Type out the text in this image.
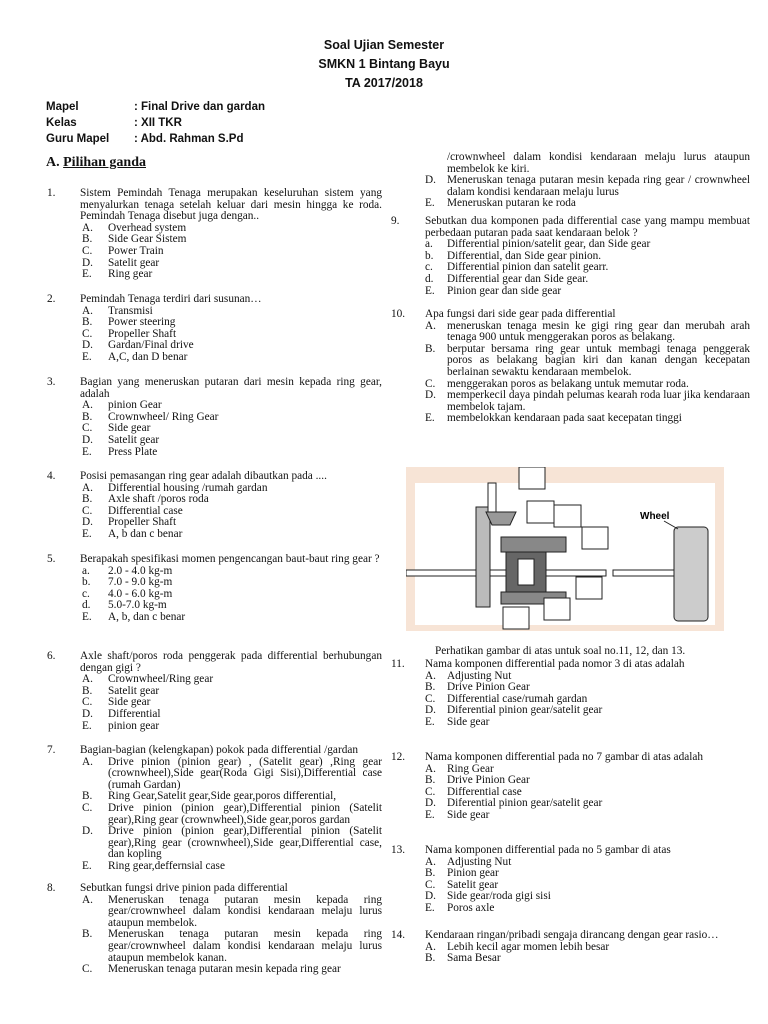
Soal Ujian Semester
SMKN 1 Bintang Bayu
TA 2017/2018
Mapel	: Final Drive dan gardan
Kelas	: XII TKR
Guru Mapel : Abd. Rahman S.Pd
A. Pilihan ganda
1.	Sistem Pemindah Tenaga merupakan keseluruhan sistem yang menyalurkan tenaga setelah keluar dari mesin hingga ke roda. Pemindah Tenaga disebut juga dengan..
A.	Overhead system
B.	Side Gear Sistem
C.	Power Train
D.	Satelit gear
E.	Ring gear
2.	Pemindah Tenaga terdiri dari susunan…
A.	Transmisi
B.	Power steering
C.	Propeller Shaft
D.	Gardan/Final drive
E.	A,C, dan D benar
3.	Bagian yang meneruskan putaran dari mesin kepada ring gear, adalah
A.	pinion Gear
B.	Crownwheel/ Ring Gear
C.	Side gear
D.	Satelit gear
E.	Press Plate
4.	Posisi pemasangan ring gear adalah dibautkan pada ....
A.	Differential housing /rumah gardan
B.	Axle shaft /poros roda
C.	Differential case
D.	Propeller Shaft
E.	A, b dan c benar
5.	Berapakah spesifikasi momen pengencangan baut-baut ring gear ?
a.	2.0 - 4.0 kg-m
b.	7.0 - 9.0 kg-m
c.	4.0 - 6.0 kg-m
d.	5.0-7.0 kg-m
E.	A, b, dan c benar
6.	Axle shaft/poros roda penggerak pada differential berhubungan dengan gigi ?
A.	Crownwheel/Ring gear
B.	Satelit gear
C.	Side gear
D.	Differential
E.	pinion gear
7.	Bagian-bagian (kelengkapan) pokok pada differential /gardan
A.	Drive pinion (pinion gear) , (Satelit gear) ,Ring gear (crownwheel),Side gear(Roda Gigi Sisi),Differential case (rumah Gardan)
B.	Ring Gear,Satelit gear,Side gear,poros differential,
C.	Drive pinion (pinion gear),Differential pinion (Satelit gear),Ring gear (crownwheel),Side gear,poros gardan
D.	Drive pinion (pinion gear),Differential pinion (Satelit gear),Ring gear (crownwheel),Side gear,Differential case, dan kopling
E.	Ring gear,deffernsial case
8.	Sebutkan fungsi drive pinion pada differential
A.	Meneruskan tenaga putaran mesin kepada ring gear/crownwheel dalam kondisi kendaraan melaju lurus ataupun membelok.
B.	Meneruskan tenaga putaran mesin kepada ring gear/crownwheel dalam kondisi kendaraan melaju lurus ataupun membelok kanan.
C.	Meneruskan tenaga putaran mesin kepada ring gear
/crownwheel dalam kondisi kendaraan melaju lurus ataupun membelok ke kiri.
D. Meneruskan tenaga putaran mesin kepada ring gear / crownwheel dalam kondisi kendaraan melaju lurus
E.	Meneruskan putaran ke roda
9.	Sebutkan dua komponen pada differential case yang mampu membuat perbedaan putaran pada saat kendaraan belok ?
a.	Differential pinion/satelit gear, dan Side gear
b.	Differential, dan Side gear pinion.
c.	Differential pinion dan satelit gearr.
d.	Differential gear dan Side gear.
E.	Pinion gear dan side gear
10.	Apa fungsi dari side gear pada differential
A. meneruskan tenaga mesin ke gigi ring gear dan merubah arah tenaga 900 untuk menggerakan poros as belakang.
B.	berputar bersama ring gear untuk membagi tenaga penggerak poros as belakang bagian kiri dan kanan dengan kecepatan berlainan sewaktu kendaraan membelok.
C.	menggerakan poros as belakang untuk memutar roda.
D. memperkecil daya pindah pelumas kearah roda luar jika kendaraan membelok tajam.
E.	membelokkan kendaraan pada saat kecepatan tinggi
11.	Nama komponen differential pada nomor 3 di atas adalah
A. Adjusting Nut
B.	Drive Pinion Gear
C.	Differential case/rumah gardan
D. Diferential pinion gear/satelit gear
E.	Side gear
12.	Nama komponen differential pada no 7 gambar di atas adalah
A. Ring Gear
B.	Drive Pinion Gear
C.	Differential case
D. Diferential pinion gear/satelit gear
E.	Side gear
13.	Nama komponen differential pada no 5 gambar di atas
A. Adjusting Nut
B.	Pinion gear
C.	Satelit gear
D. Side gear/roda gigi sisi
E.	Poros axle
14.	Kendaraan ringan/pribadi sengaja dirancang dengan gear rasio…
A. Lebih kecil agar momen lebih besar
B.	Sama Besar
Wheel
Perhatikan gambar di atas untuk soal no.11, 12, dan 13.
